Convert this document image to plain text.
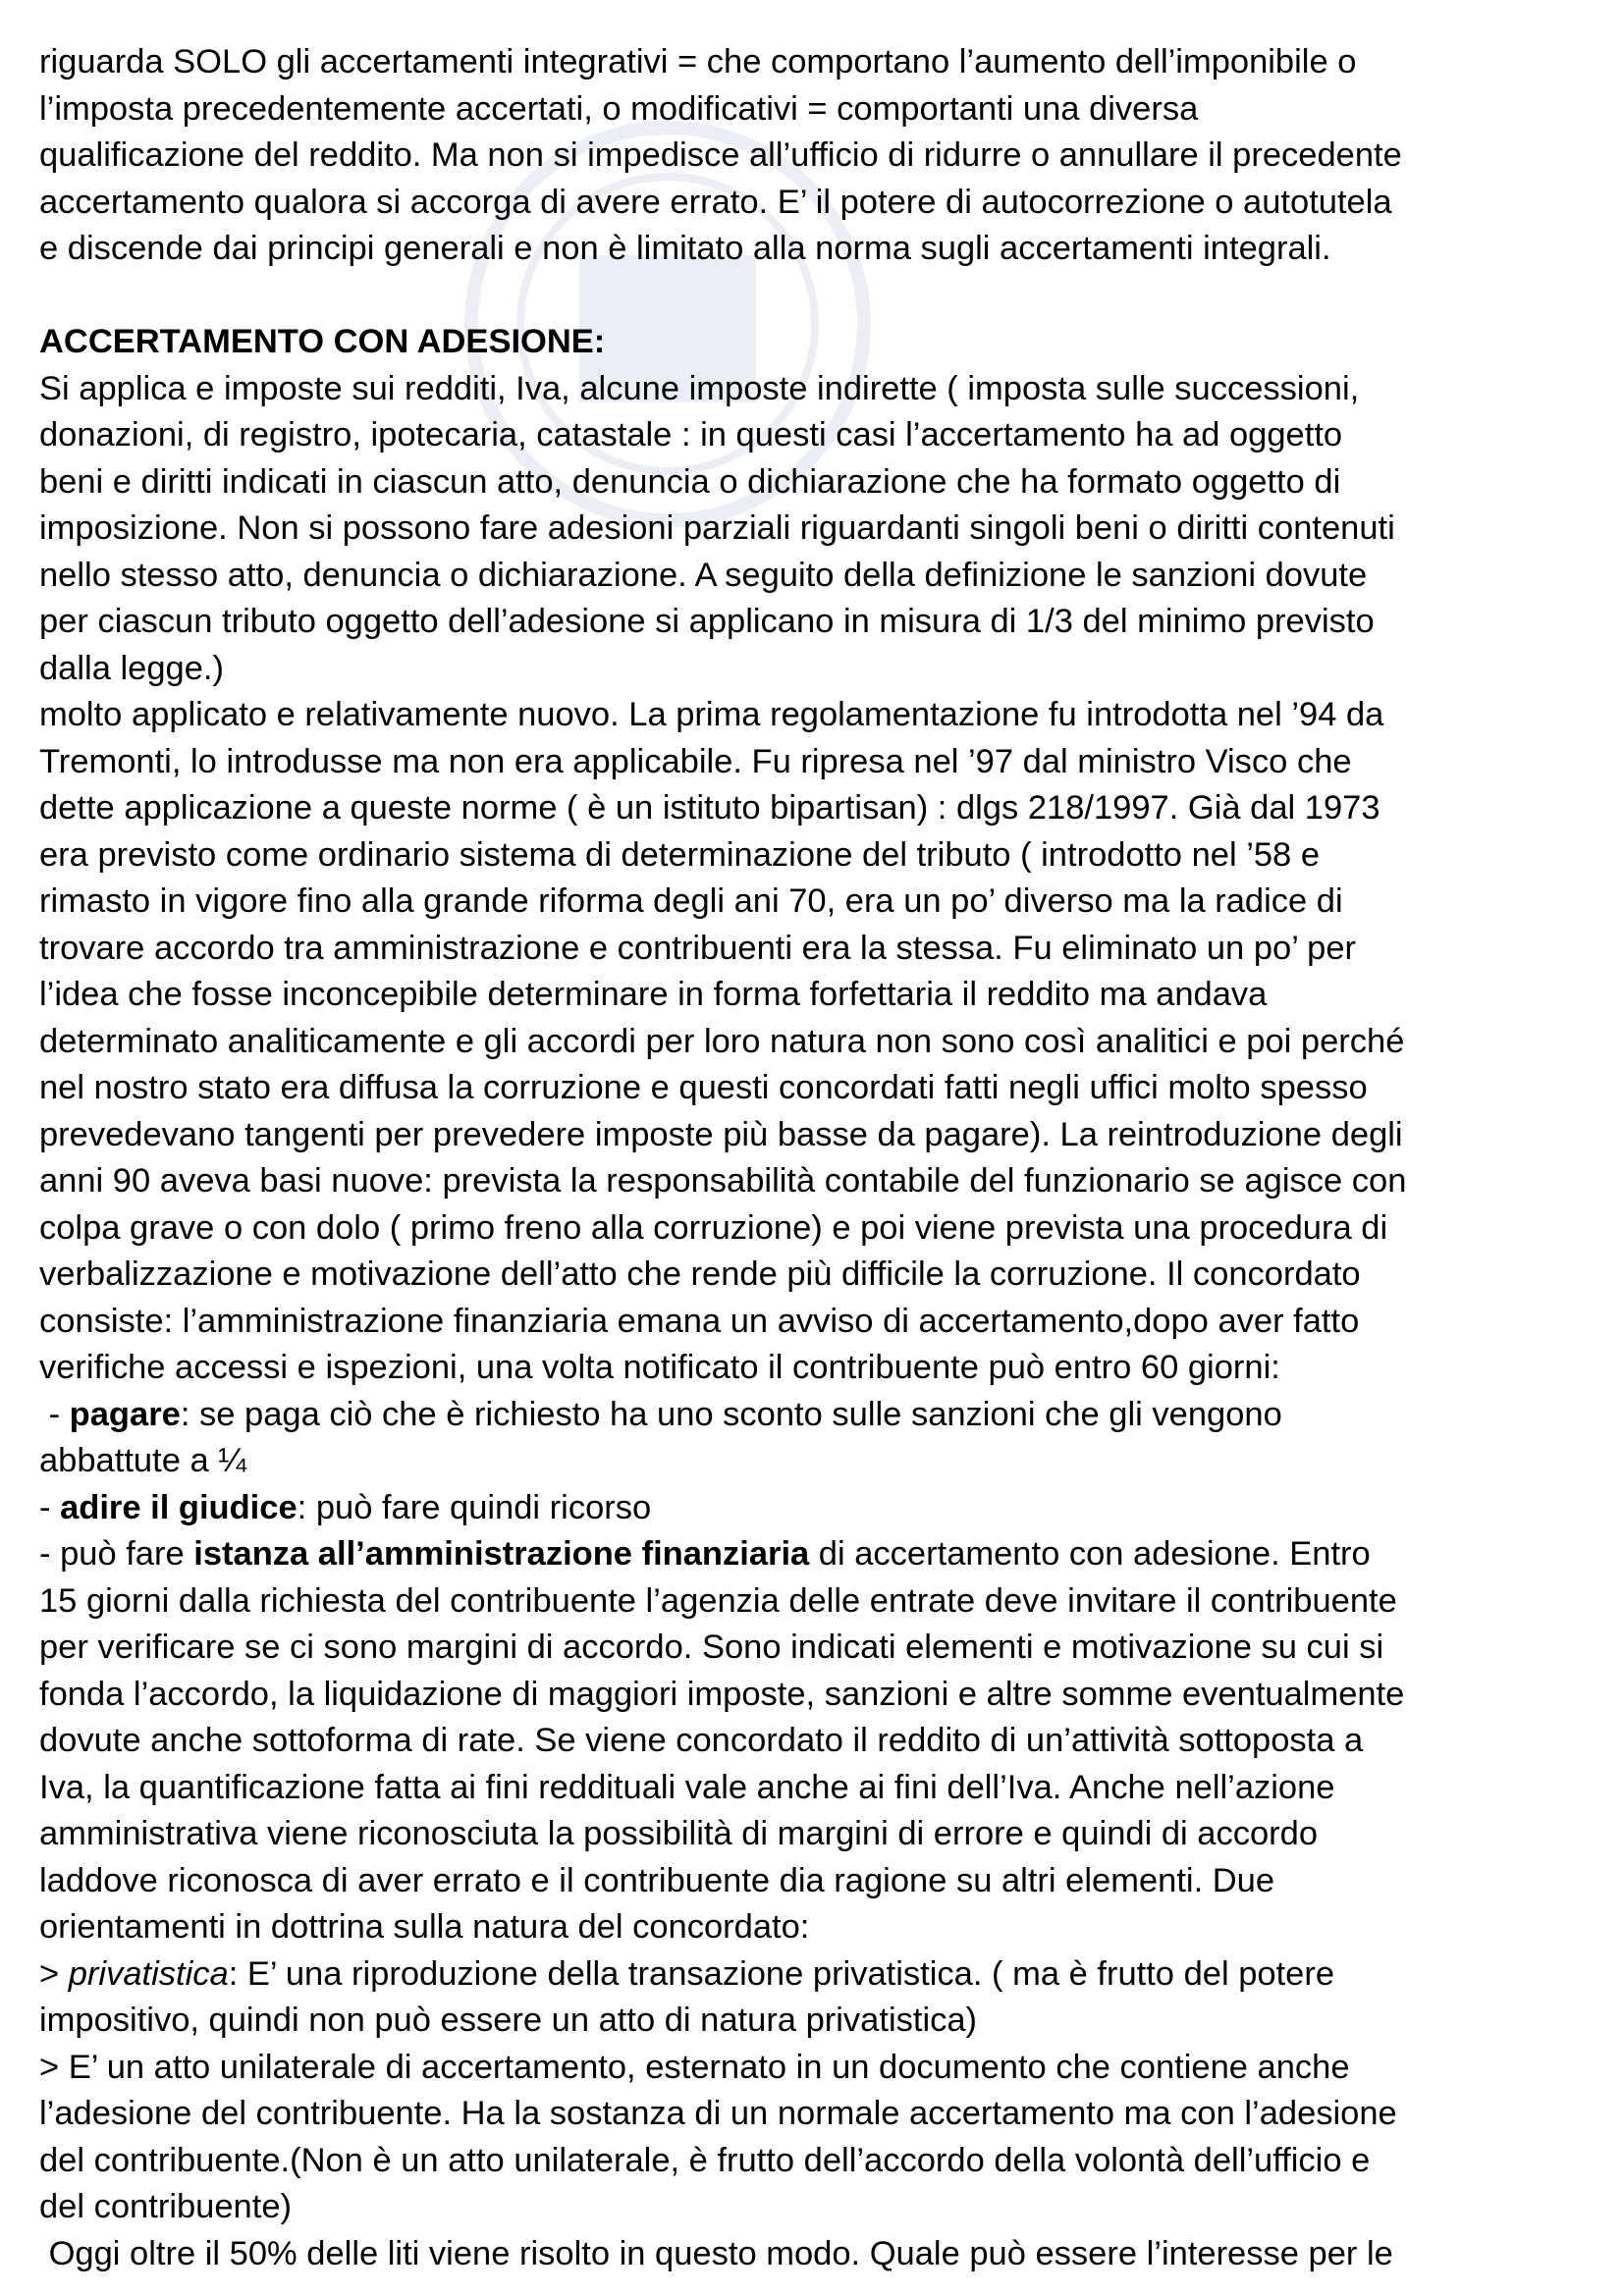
riguarda SOLO gli accertamenti integrativi = che comportano l’aumento dell’imponibile o
l’imposta precedentemente accertati, o modificativi = comportanti una diversa
qualificazione del reddito. Ma non si impedisce all’ufficio di ridurre o annullare il precedente
accertamento qualora si accorga di avere errato. E’ il potere di autocorrezione o autotutela
e discende dai principi generali e non è limitato alla norma sugli accertamenti integrali.
ACCERTAMENTO CON ADESIONE:
Si applica e imposte sui redditi, Iva, alcune imposte indirette ( imposta sulle successioni,
donazioni, di registro, ipotecaria, catastale : in questi casi l’accertamento ha ad oggetto
beni e diritti indicati in ciascun atto, denuncia o dichiarazione che ha formato oggetto di
imposizione. Non si possono fare adesioni parziali riguardanti singoli beni o diritti contenuti
nello stesso atto, denuncia o dichiarazione. A seguito della definizione le sanzioni dovute
per ciascun tributo oggetto dell’adesione si applicano in misura di 1/3 del minimo previsto
dalla legge.)
molto applicato e relativamente nuovo. La prima regolamentazione fu introdotta nel ’94 da
Tremonti, lo introdusse ma non era applicabile. Fu ripresa nel ’97 dal ministro Visco che
dette applicazione a queste norme ( è un istituto bipartisan) : dlgs 218/1997. Già dal 1973
era previsto come ordinario sistema di determinazione del tributo ( introdotto nel ’58 e
rimasto in vigore fino alla grande riforma degli ani 70, era un po’ diverso ma la radice di
trovare accordo tra amministrazione e contribuenti era la stessa. Fu eliminato un po’ per
l’idea che fosse inconcepibile determinare in forma forfettaria il reddito ma andava
determinato analiticamente e gli accordi per loro natura non sono così analitici e poi perché
nel nostro stato era diffusa la corruzione e questi concordati fatti negli uffici molto spesso
prevedevano tangenti per prevedere imposte più basse da pagare). La reintroduzione degli
anni 90 aveva basi nuove: prevista la responsabilità contabile del funzionario se agisce con
colpa grave o con dolo ( primo freno alla corruzione) e poi viene prevista una procedura di
verbalizzazione e motivazione dell’atto che rende più difficile la corruzione. Il concordato
consiste: l’amministrazione finanziaria emana un avviso di accertamento,dopo aver fatto
verifiche accessi e ispezioni, una volta notificato il contribuente può entro 60 giorni:
- pagare: se paga ciò che è richiesto ha uno sconto sulle sanzioni che gli vengono
abbattute a ¼
- adire il giudice: può fare quindi ricorso
- può fare istanza all’amministrazione finanziaria di accertamento con adesione. Entro
15 giorni dalla richiesta del contribuente l’agenzia delle entrate deve invitare il contribuente
per verificare se ci sono margini di accordo. Sono indicati elementi e motivazione su cui si
fonda l’accordo, la liquidazione di maggiori imposte, sanzioni e altre somme eventualmente
dovute anche sottoforma di rate. Se viene concordato il reddito di un’attività sottoposta a
Iva, la quantificazione fatta ai fini reddituali vale anche ai fini dell’Iva. Anche nell’azione
amministrativa viene riconosciuta la possibilità di margini di errore e quindi di accordo
laddove riconosca di aver errato e il contribuente dia ragione su altri elementi. Due
orientamenti in dottrina sulla natura del concordato:
> privatistica: E’ una riproduzione della transazione privatistica. ( ma è frutto del potere
impositivo, quindi non può essere un atto di natura privatistica)
> E’ un atto unilaterale di accertamento, esternato in un documento che contiene anche
l’adesione del contribuente. Ha la sostanza di un normale accertamento ma con l’adesione
del contribuente.(Non è un atto unilaterale, è frutto dell’accordo della volontà dell’ufficio e
del contribuente)
Oggi oltre il 50% delle liti viene risolto in questo modo. Quale può essere l’interesse per le
